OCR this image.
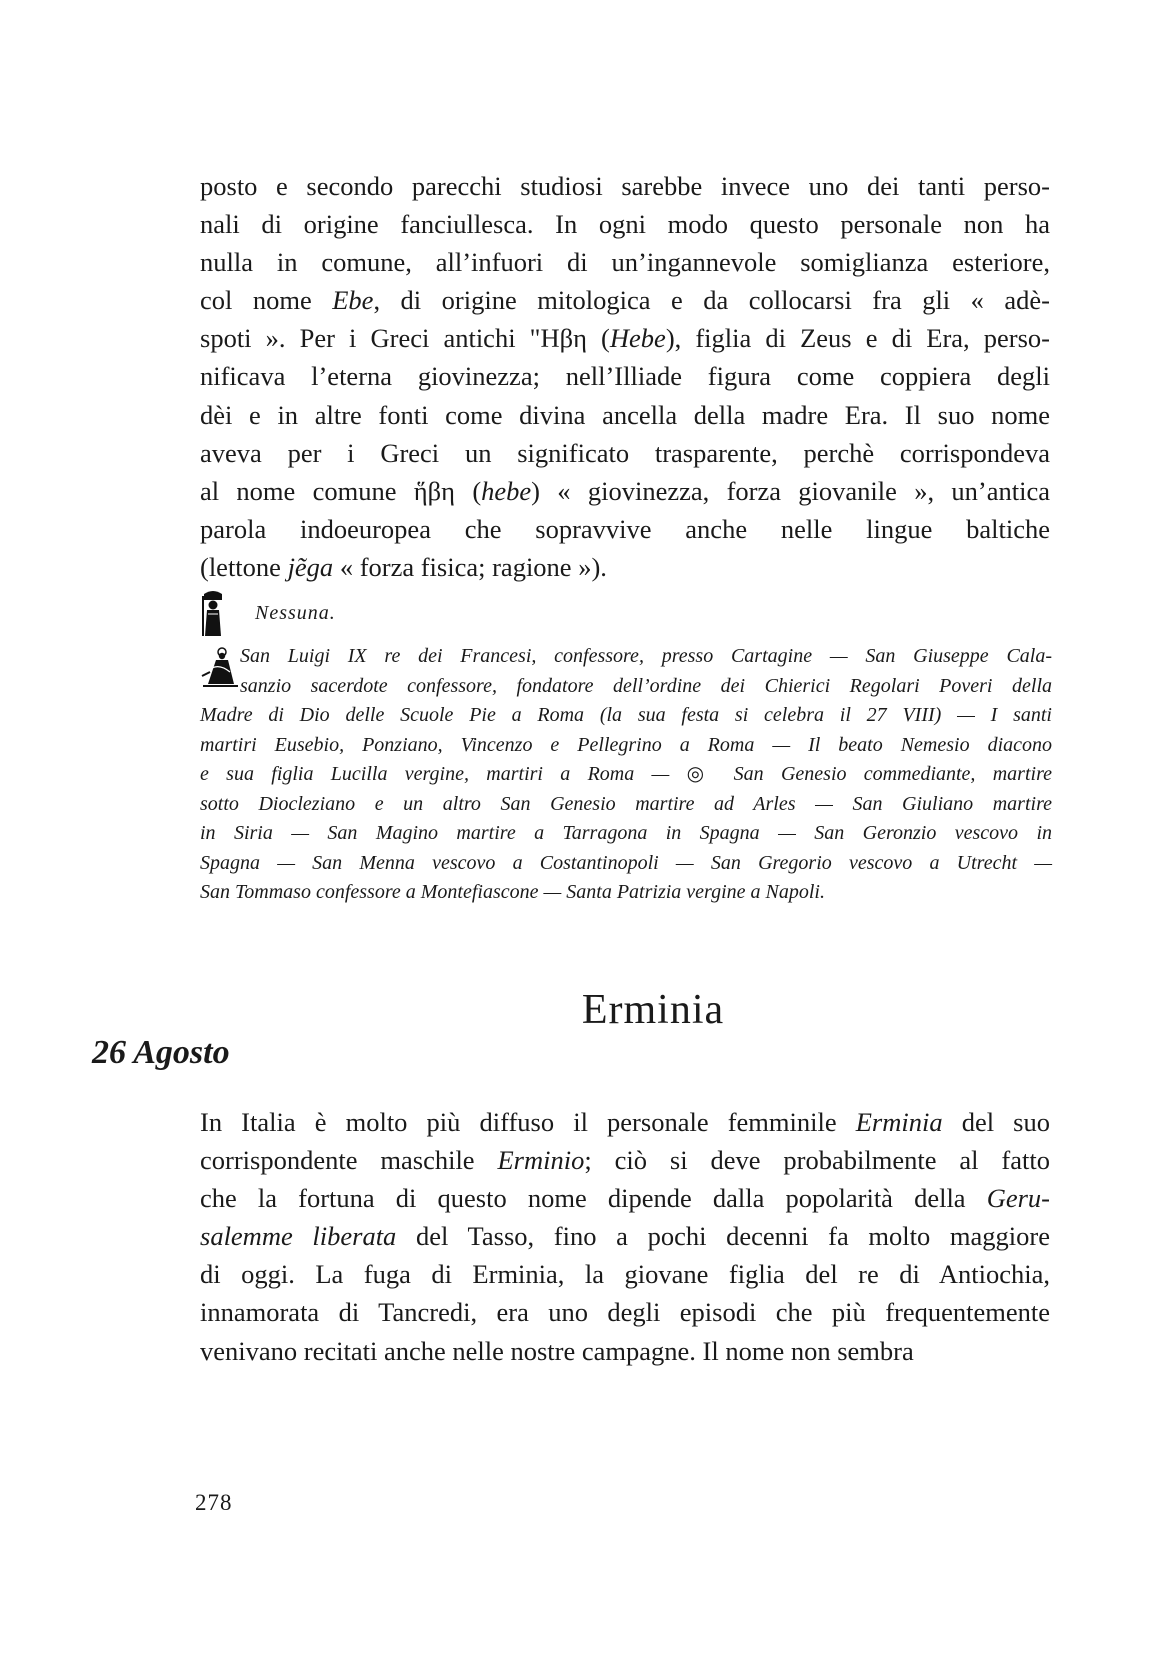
posto e secondo parecchi studiosi sarebbe invece uno dei tanti perso-
nali di origine fanciullesca. In ogni modo questo personale non ha
nulla in comune, all’infuori di un’ingannevole somiglianza esteriore,
col nome Ebe, di origine mitologica e da collocarsi fra gli « adè-
spoti ». Per i Greci antichi "Ηβη (Hebe), figlia di Zeus e di Era, perso-
nificava l’eterna giovinezza; nell’Illiade figura come coppiera degli
dèi e in altre fonti come divina ancella della madre Era. Il suo nome
aveva per i Greci un significato trasparente, perchè corrispondeva
al nome comune ἥβη (hebe) « giovinezza, forza giovanile », un’antica
parola indoeuropea che sopravvive anche nelle lingue baltiche
(lettone jẽga « forza fisica; ragione »).
Nessuna.
San Luigi IX re dei Francesi, confessore, presso Cartagine — San Giuseppe Cala-
sanzio sacerdote confessore, fondatore dell’ordine dei Chierici Regolari Poveri della
Madre di Dio delle Scuole Pie a Roma (la sua festa si celebra il 27 VIII) — I santi
martiri Eusebio, Ponziano, Vincenzo e Pellegrino a Roma — Il beato Nemesio diacono
e sua figlia Lucilla vergine, martiri a Roma — ◎ San Genesio commediante, martire
sotto Diocleziano e un altro San Genesio martire ad Arles — San Giuliano martire
in Siria — San Magino martire a Tarragona in Spagna — San Geronzio vescovo in
Spagna — San Menna vescovo a Costantinopoli — San Gregorio vescovo a Utrecht —
San Tommaso confessore a Montefiascone — Santa Patrizia vergine a Napoli.
Erminia
26 Agosto
In Italia è molto più diffuso il personale femminile Erminia del suo
corrispondente maschile Erminio; ciò si deve probabilmente al fatto
che la fortuna di questo nome dipende dalla popolarità della Geru-
salemme liberata del Tasso, fino a pochi decenni fa molto maggiore
di oggi. La fuga di Erminia, la giovane figlia del re di Antiochia,
innamorata di Tancredi, era uno degli episodi che più frequentemente
venivano recitati anche nelle nostre campagne. Il nome non sembra
278
